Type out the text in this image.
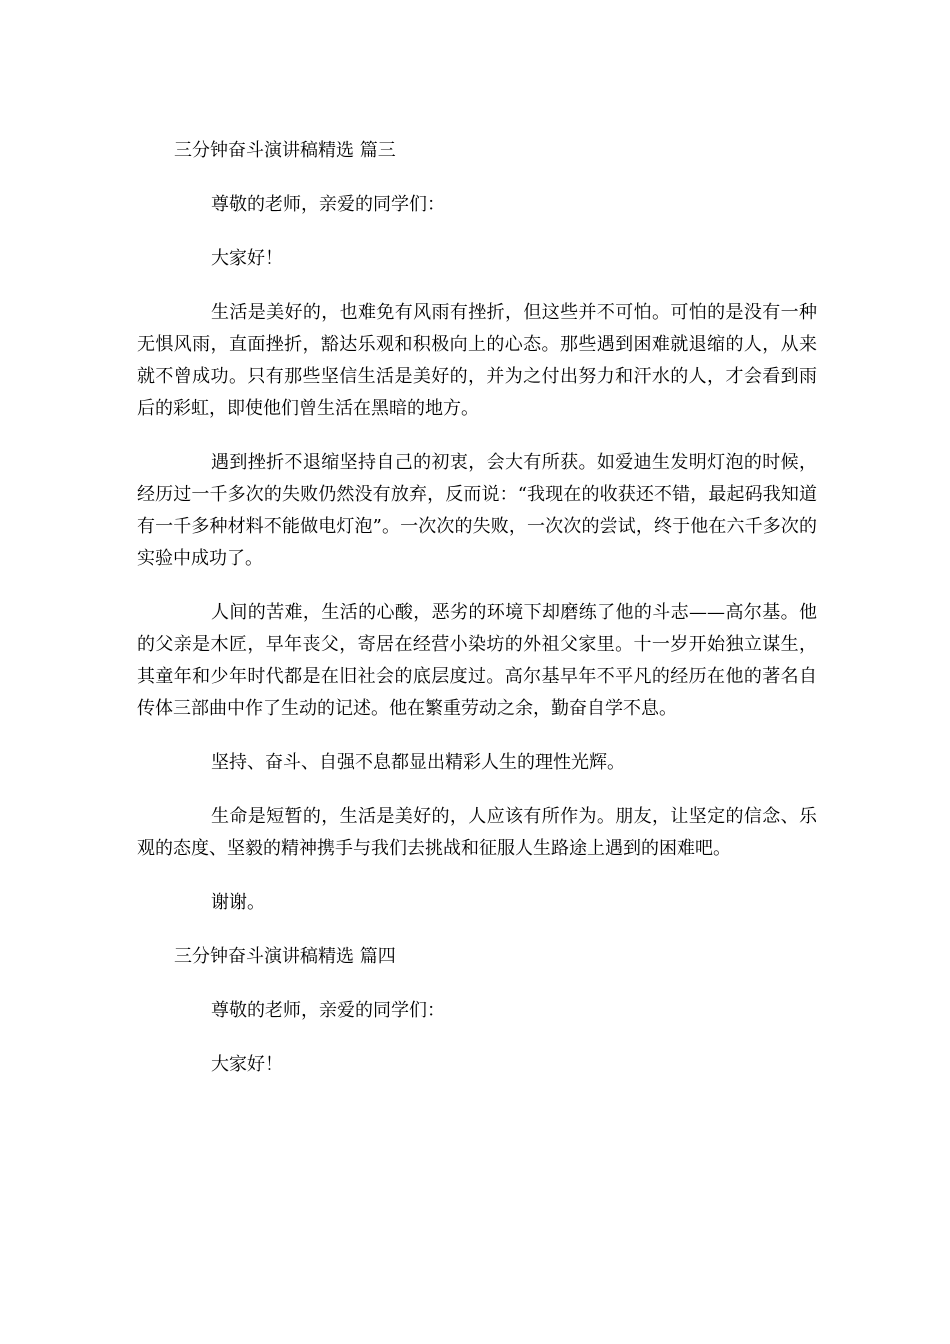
三分钟奋斗演讲稿精选 篇三

尊敬的老师，亲爱的同学们：

大家好！

生活是美好的，也难免有风雨有挫折，但这些并不可怕。可怕的是没有一种无惧风雨，直面挫折，豁达乐观和积极向上的心态。那些遇到困难就退缩的人，从来就不曾成功。只有那些坚信生活是美好的，并为之付出努力和汗水的人，才会看到雨后的彩虹，即使他们曾生活在黑暗的地方。

遇到挫折不退缩坚持自己的初衷，会大有所获。如爱迪生发明灯泡的时候，经历过一千多次的失败仍然没有放弃，反而说：“我现在的收获还不错，最起码我知道有一千多种材料不能做电灯泡”。一次次的失败，一次次的尝试，终于他在六千多次的实验中成功了。

人间的苦难，生活的心酸，恶劣的环境下却磨练了他的斗志——高尔基。他的父亲是木匠，早年丧父，寄居在经营小染坊的外祖父家里。十一岁开始独立谋生，其童年和少年时代都是在旧社会的底层度过。高尔基早年不平凡的经历在他的著名自传体三部曲中作了生动的记述。他在繁重劳动之余，勤奋自学不息。

坚持、奋斗、自强不息都显出精彩人生的理性光辉。

生命是短暂的，生活是美好的，人应该有所作为。朋友，让坚定的信念、乐观的态度、坚毅的精神携手与我们去挑战和征服人生路途上遇到的困难吧。

谢谢。

三分钟奋斗演讲稿精选 篇四

尊敬的老师，亲爱的同学们：

大家好！
